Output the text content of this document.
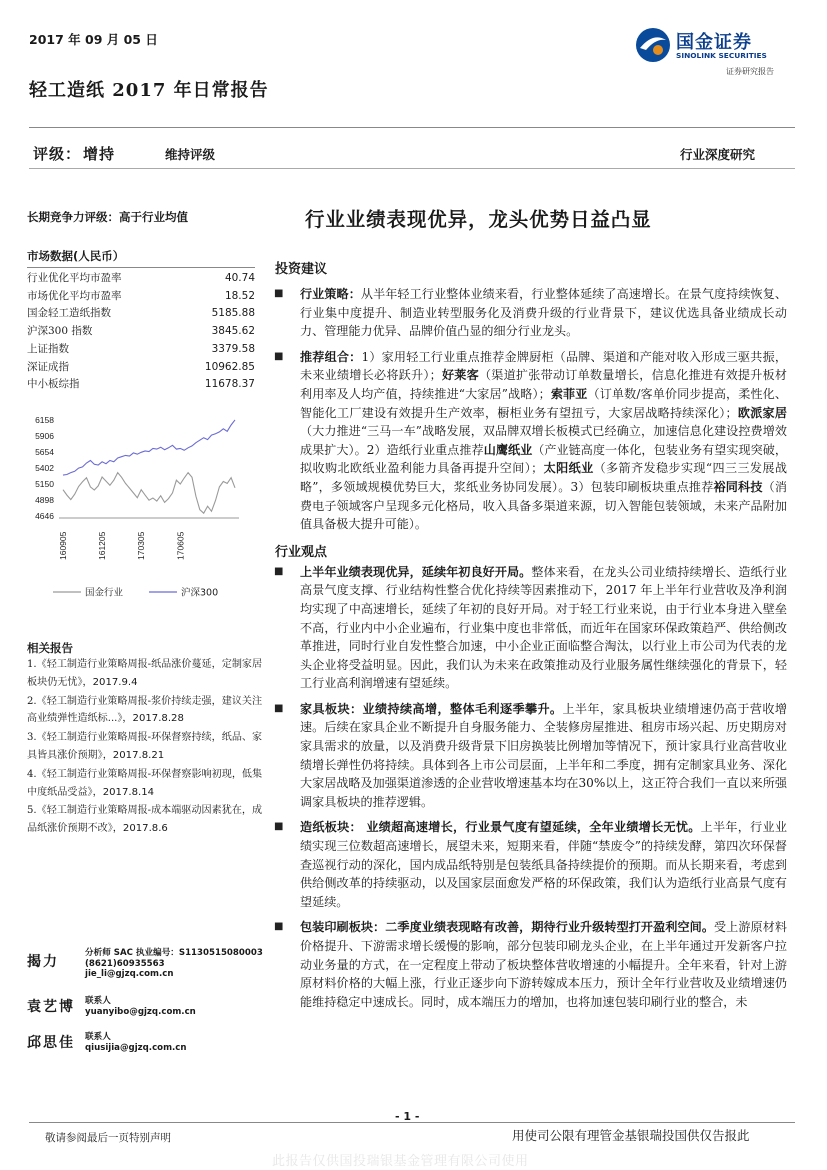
2017 年 09 月 05 日
轻工造纸 2017 年日常报告
国金证券
SINOLINK SECURITIES
证券研究报告
评级： 增持	维持评级	行业深度研究
长期竞争力评级：高于行业均值
市场数据(人民币）
行业优化平均市盈率	40.74
市场优化平均市盈率	18.52
国金轻工造纸指数	5185.88
沪深300 指数	3845.62
上证指数	3379.58
深证成指	10962.85
中小板综指	11678.37
6158
5906
5654
5402
5150
4898
4646
160905	161205	170305	170605
国金行业	沪深300
相关报告
1.《轻工制造行业策略周报-纸品涨价蔓延，定制家居板块仍无忧》，2017.9.4
2.《轻工制造行业策略周报-浆价持续走强，建议关注高业绩弹性造纸标...》，2017.8.28
3.《轻工制造行业策略周报-环保督察持续，纸品、家具皆具涨价预期》，2017.8.21
4.《轻工制造行业策略周报-环保督察影响初现，低集中度纸品受益》，2017.8.14
5.《轻工制造行业策略周报-成本端驱动因素犹在，成品纸涨价预期不改》，2017.8.6
揭力
分析师 SAC 执业编号：S1130515080003
(8621)60935563
jie_li@gjzq.com.cn
袁艺博 联系人
yuanyibo@gjzq.com.cn
邱思佳 联系人
qiusijia@gjzq.com.cn
行业业绩表现优异，龙头优势日益凸显
投资建议
■ 行业策略：从半年轻工行业整体业绩来看，行业整体延续了高速增长。在景气度持续恢复、行业集中度提升、制造业转型服务化及消费升级的行业背景下，建议优选具备业绩成长动力、管理能力优异、品牌价值凸显的细分行业龙头。
■ 推荐组合：1）家用轻工行业重点推荐金牌厨柜（品牌、渠道和产能对收入形成三驱共振，未来业绩增长必将跃升）；好莱客（渠道扩张带动订单数量增长，信息化推进有效提升板材利用率及人均产值，持续推进“大家居”战略）；索菲亚（订单数/客单价同步提高，柔性化、智能化工厂建设有效提升生产效率，橱柜业务有望扭亏，大家居战略持续深化）；欧派家居（大力推进“三马一车”战略发展，双品牌双增长板模式已经确立，加速信息化建设控费增效成果扩大）。2）造纸行业重点推荐山鹰纸业（产业链高度一体化，包装业务有望实现突破，拟收购北欧纸业盈利能力具备再提升空间）；太阳纸业（多箭齐发稳步实现“四三三发展战略”，多领域规模优势巨大，浆纸业务协同发展）。3）包装印刷板块重点推荐裕同科技（消费电子领域客户呈现多元化格局，收入具备多渠道来源，切入智能包装领域，未来产品附加值具备极大提升可能）。
行业观点
■ 上半年业绩表现优异，延续年初良好开局。整体来看，在龙头公司业绩持续增长、造纸行业高景气度支撑、行业结构性整合优化持续等因素推动下，2017 年上半年行业营收及净利润均实现了中高速增长，延续了年初的良好开局。对于轻工行业来说，由于行业本身进入壁垒不高，行业内中小企业遍布，行业集中度也非常低，而近年在国家环保政策趋严、供给侧改革推进，同时行业自发性整合加速，中小企业正面临整合淘汰，以行业上市公司为代表的龙头企业将受益明显。因此，我们认为未来在政策推动及行业服务属性继续强化的背景下，轻工行业高利润增速有望延续。
■ 家具板块：业绩持续高增，整体毛利逐季攀升。上半年，家具板块业绩增速仍高于营收增速。后续在家具企业不断提升自身服务能力、全装修房屋推进、租房市场兴起、历史期房对家具需求的放量，以及消费升级背景下旧房换装比例增加等情况下，预计家具行业高营收业绩增长弹性仍将持续。具体到各上市公司层面，上半年和二季度，拥有定制家具业务、深化大家居战略及加强渠道渗透的企业营收增速基本均在30%以上，这正符合我们一直以来所强调家具板块的推荐逻辑。
■ 造纸板块： 业绩超高速增长，行业景气度有望延续，全年业绩增长无忧。上半年，行业业绩实现三位数超高速增长，展望未来，短期来看，伴随“禁废令”的持续发酵，第四次环保督查巡视行动的深化，国内成品纸特别是包装纸具备持续提价的预期。而从长期来看，考虑到供给侧改革的持续驱动，以及国家层面愈发严格的环保政策，我们认为造纸行业高景气度有望延续。
■ 包装印刷板块：二季度业绩表现略有改善，期待行业升级转型打开盈利空间。受上游原材料价格提升、下游需求增长缓慢的影响，部分包装印刷龙头企业，在上半年通过开发新客户拉动业务量的方式，在一定程度上带动了板块整体营收增速的小幅提升。全年来看，针对上游原材料价格的大幅上涨，行业正逐步向下游转嫁成本压力，预计全年行业营收及业绩增速仍能维持稳定中速成长。同时，成本端压力的增加，也将加速包装印刷行业的整合，未
- 1 -
敬请参阅最后一页特别声明	用使司公限有理管金基银瑞投国供仅告报此
此报告仅供国投瑞银基金管理有限公司使用
